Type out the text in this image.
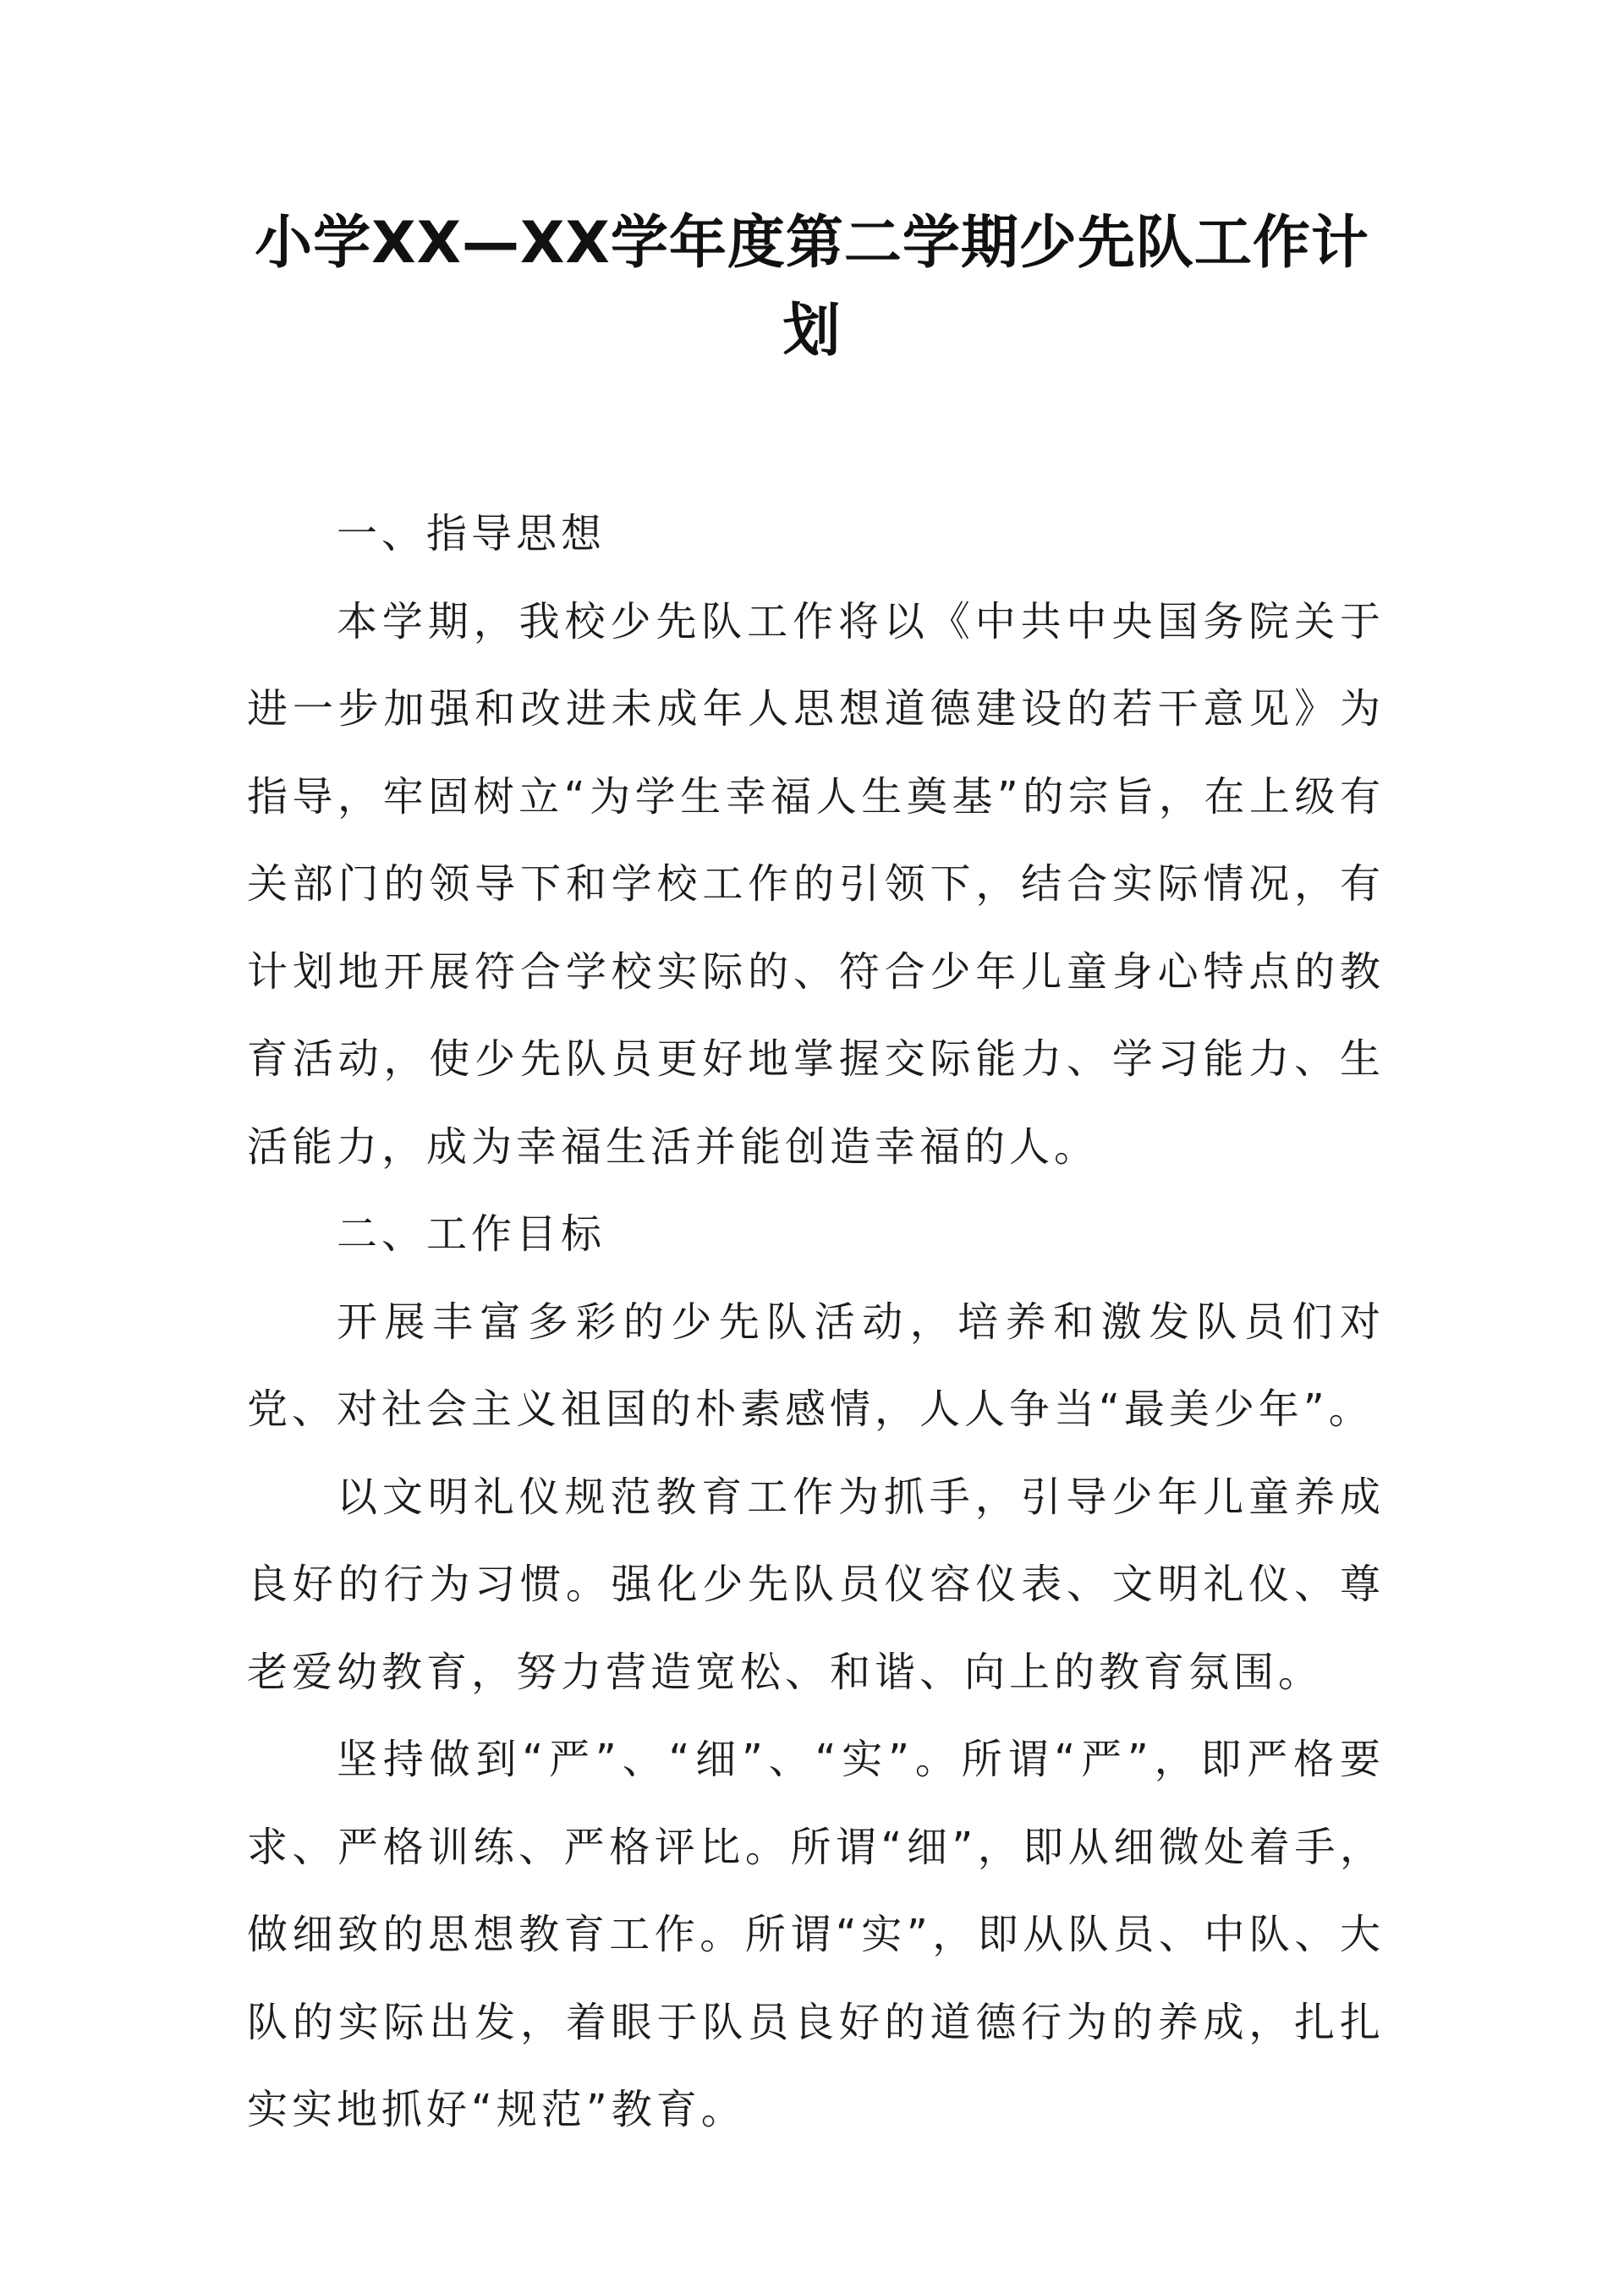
小学XX—XX学年度第二学期少先队工作计划

一、指导思想

本学期，我校少先队工作将以《中共中央国务院关于进一步加强和改进未成年人思想道德建设的若干意见》为指导，牢固树立“为学生幸福人生奠基”的宗旨，在上级有关部门的领导下和学校工作的引领下，结合实际情况，有计划地开展符合学校实际的、符合少年儿童身心特点的教育活动，使少先队员更好地掌握交际能力、学习能力、生活能力，成为幸福生活并能创造幸福的人。

二、工作目标

开展丰富多彩的少先队活动，培养和激发队员们对党、对社会主义祖国的朴素感情，人人争当“最美少年”。

以文明礼仪规范教育工作为抓手，引导少年儿童养成良好的行为习惯。强化少先队员仪容仪表、文明礼仪、尊老爱幼教育，努力营造宽松、和谐、向上的教育氛围。

坚持做到“严”、“细”、“实”。所谓“严”，即严格要求、严格训练、严格评比。所谓“细”，即从细微处着手，做细致的思想教育工作。所谓“实”，即从队员、中队、大队的实际出发，着眼于队员良好的道德行为的养成，扎扎实实地抓好“规范”教育。
